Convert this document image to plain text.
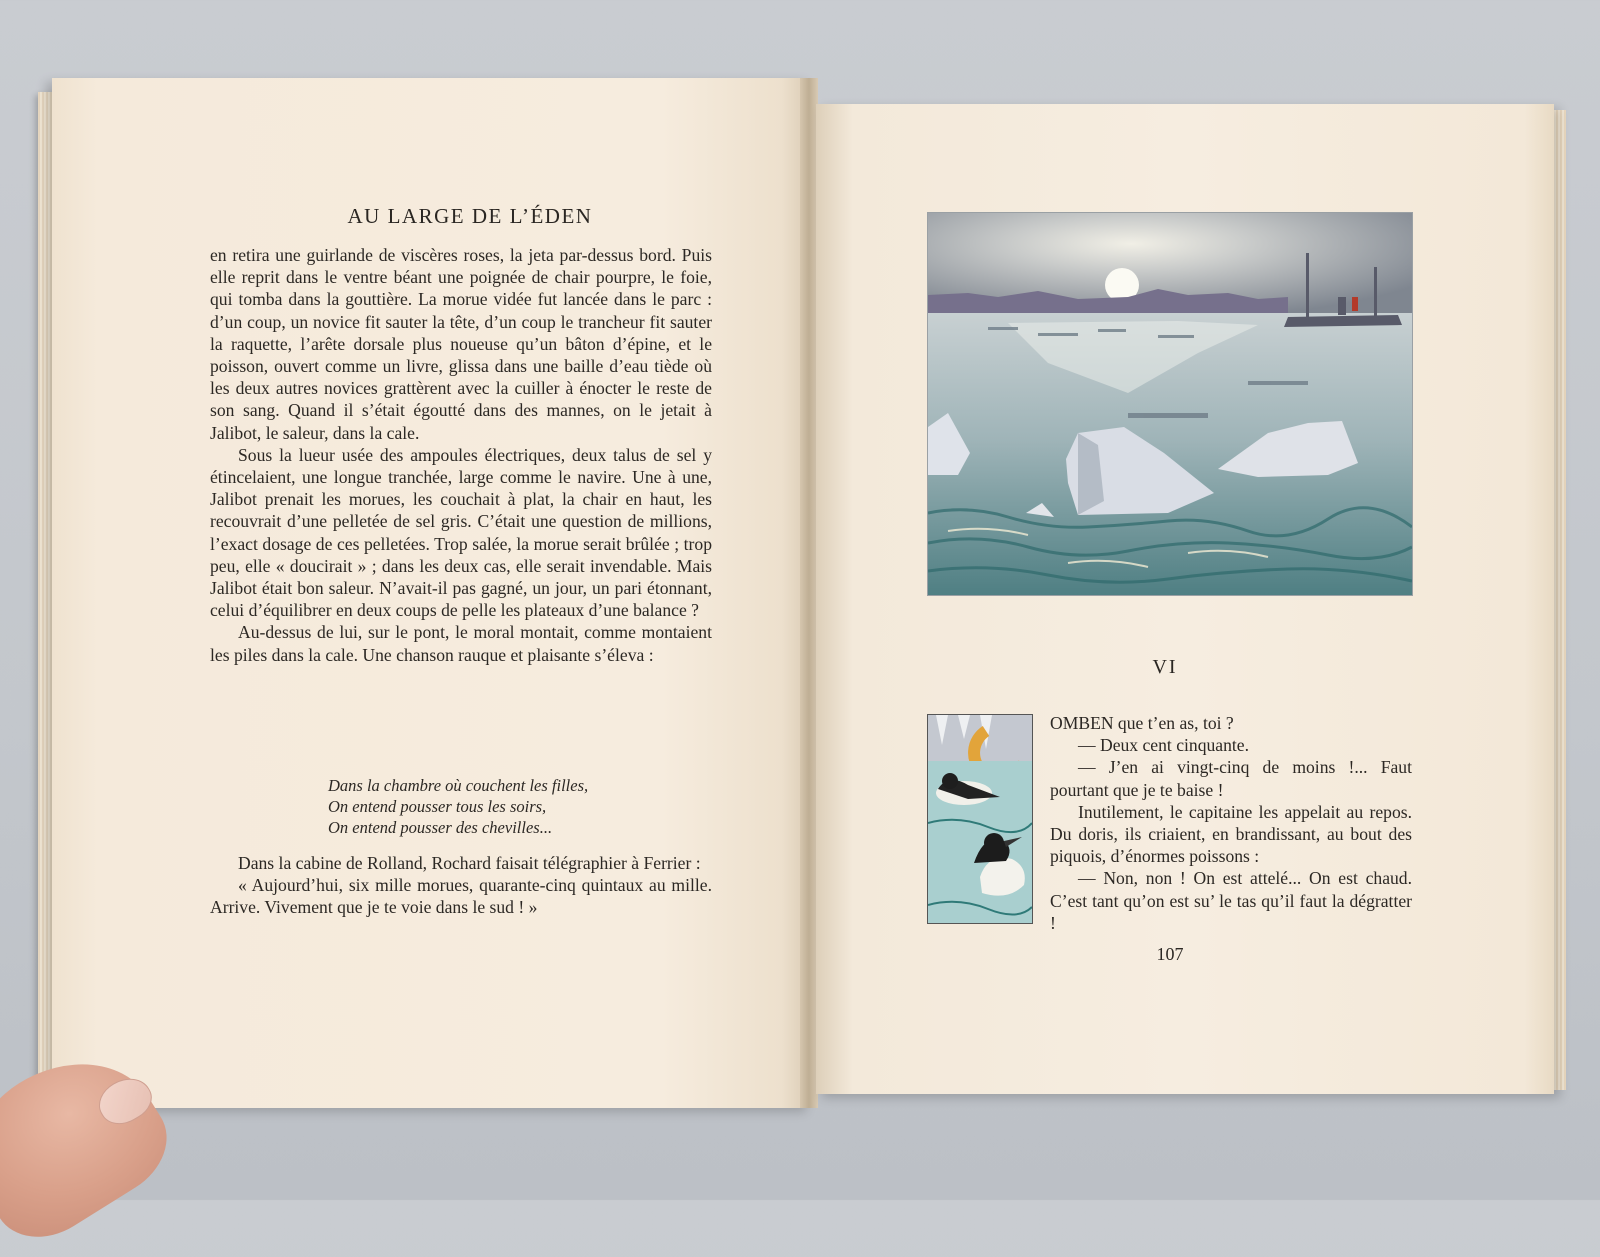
AU LARGE DE L’ÉDEN

en retira une guirlande de viscères roses, la jeta par-dessus bord. Puis elle reprit dans le ventre béant une poignée de chair pourpre, le foie, qui tomba dans la gouttière. La morue vidée fut lancée dans le parc : d’un coup, un novice fit sauter la tête, d’un coup le trancheur fit sauter la raquette, l’arête dorsale plus noueuse qu’un bâton d’épine, et le poisson, ouvert comme un livre, glissa dans une baille d’eau tiède où les deux autres novices grattèrent avec la cuiller à énocter le reste de son sang. Quand il s’était égoutté dans des mannes, on le jetait à Jalibot, le saleur, dans la cale.

Sous la lueur usée des ampoules électriques, deux talus de sel y étincelaient, une longue tranchée, large comme le navire. Une à une, Jalibot prenait les morues, les couchait à plat, la chair en haut, les recouvrait d’une pelletée de sel gris. C’était une question de millions, l’exact dosage de ces pelletées. Trop salée, la morue serait brûlée ; trop peu, elle « doucirait » ; dans les deux cas, elle serait invendable. Mais Jalibot était bon saleur. N’avait-il pas gagné, un jour, un pari étonnant, celui d’équilibrer en deux coups de pelle les plateaux d’une balance ?

Au-dessus de lui, sur le pont, le moral montait, comme montaient les piles dans la cale. Une chanson rauque et plaisante s’éleva :

Dans la chambre où couchent les filles,
On entend pousser tous les soirs,
On entend pousser des chevilles...

Dans la cabine de Rolland, Rochard faisait télégraphier à Ferrier :

« Aujourd’hui, six mille morues, quarante-cinq quintaux au mille. Arrive. Vivement que je te voie dans le sud ! »

VI

OMBEN que t’en as, toi ?

— Deux cent cinquante.

— J’en ai vingt-cinq de moins !... Faut pourtant que je te baise !

Inutilement, le capitaine les appelait au repos. Du doris, ils criaient, en brandissant, au bout des piquois, d’énormes poissons :

— Non, non ! On est attelé... On est chaud. C’est tant qu’on est su’ le tas qu’il faut la dégratter !

107
